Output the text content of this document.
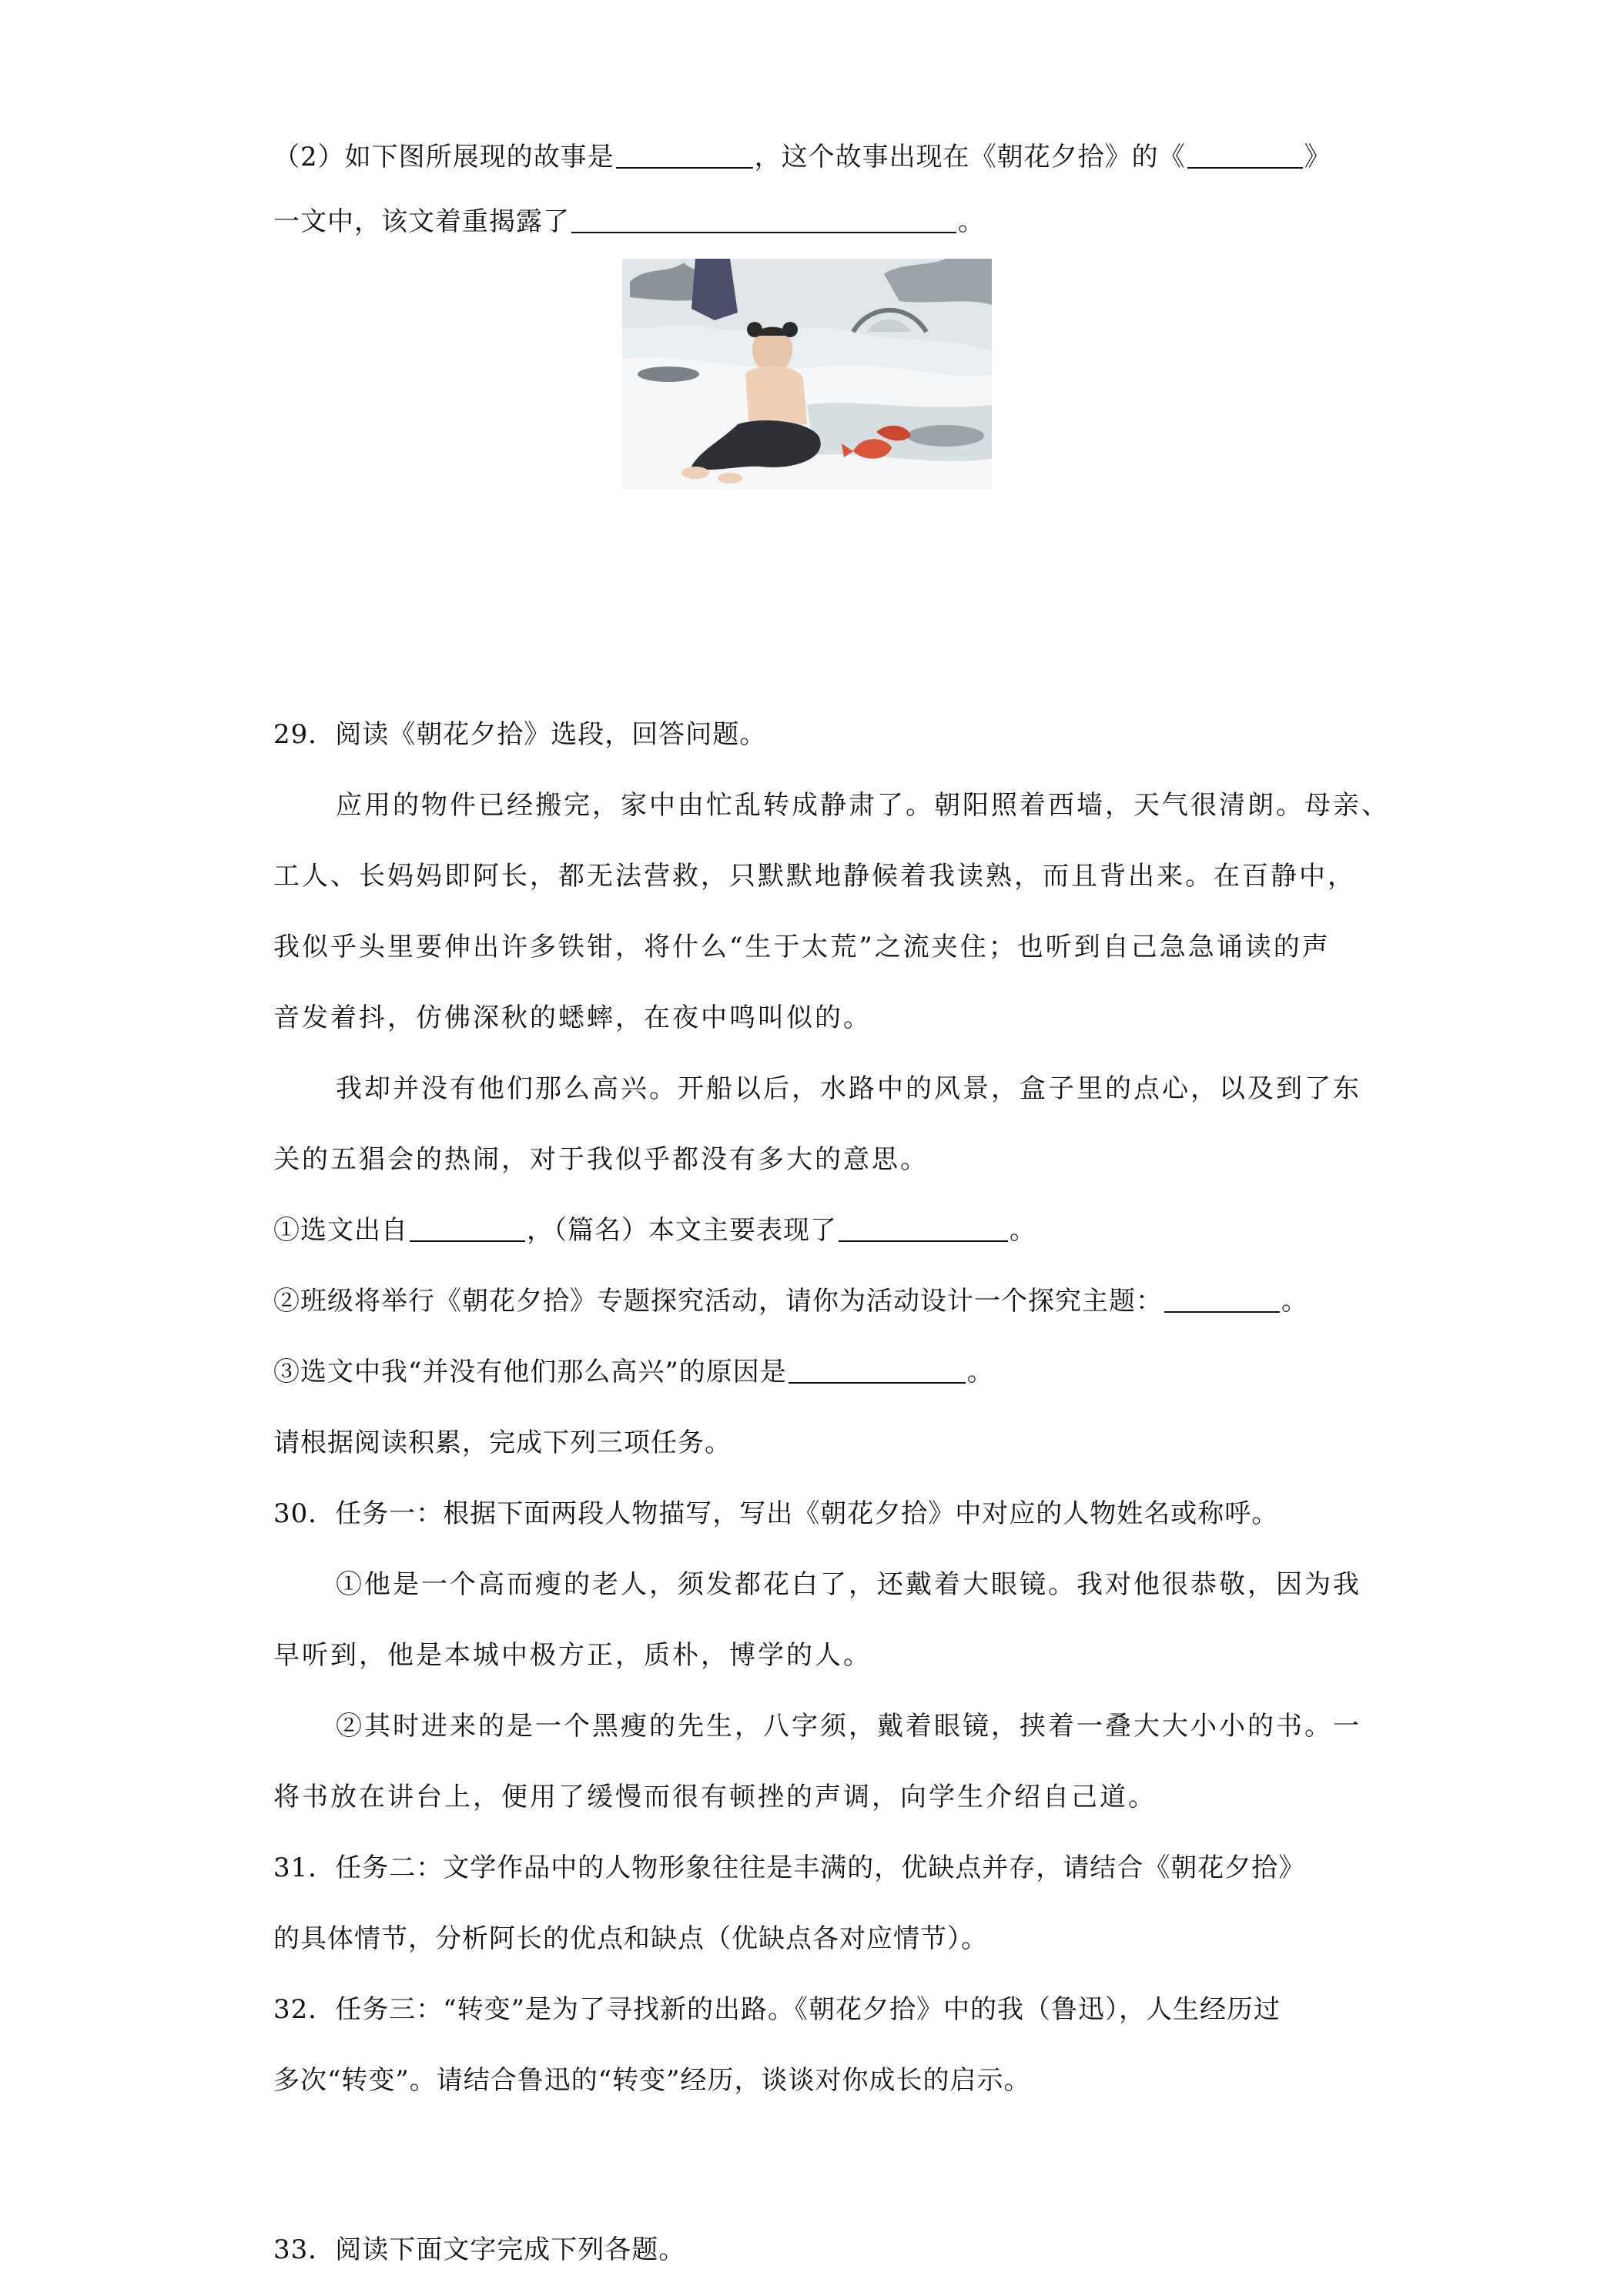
（2）如下图所展现的故事是	，这个故事出现在《朝花夕拾》的《	》
一文中，该文着重揭露了	。
29．阅读《朝花夕拾》选段，回答问题。
应用的物件已经搬完，家中由忙乱转成静肃了。朝阳照着西墙，天气很清朗。母亲、
工人、长妈妈即阿长，都无法营救，只默默地静候着我读熟，而且背出来。在百静中，
我似乎头里要伸出许多铁钳，将什么“生于太荒”之流夹住；也听到自己急急诵读的声
音发着抖，仿佛深秋的蟋蟀，在夜中鸣叫似的。
我却并没有他们那么高兴。开船以后，水路中的风景，盒子里的点心，以及到了东
关的五猖会的热闹，对于我似乎都没有多大的意思。
①选文出自	，（篇名）本文主要表现了	。
②班级将举行《朝花夕拾》专题探究活动，请你为活动设计一个探究主题：	。
③选文中我“并没有他们那么高兴”的原因是	。
请根据阅读积累，完成下列三项任务。
30．任务一：根据下面两段人物描写，写出《朝花夕拾》中对应的人物姓名或称呼。
①他是一个高而瘦的老人，须发都花白了，还戴着大眼镜。我对他很恭敬，因为我
早听到，他是本城中极方正，质朴，博学的人。
②其时进来的是一个黑瘦的先生，八字须，戴着眼镜，挟着一叠大大小小的书。一
将书放在讲台上，便用了缓慢而很有顿挫的声调，向学生介绍自己道。
31．任务二：文学作品中的人物形象往往是丰满的，优缺点并存，请结合《朝花夕拾》
的具体情节，分析阿长的优点和缺点（优缺点各对应情节）。
32．任务三：“转变”是为了寻找新的出路。《朝花夕拾》中的我（鲁迅），人生经历过
多次“转变”。请结合鲁迅的“转变”经历，谈谈对你成长的启示。
33．阅读下面文字完成下列各题。
